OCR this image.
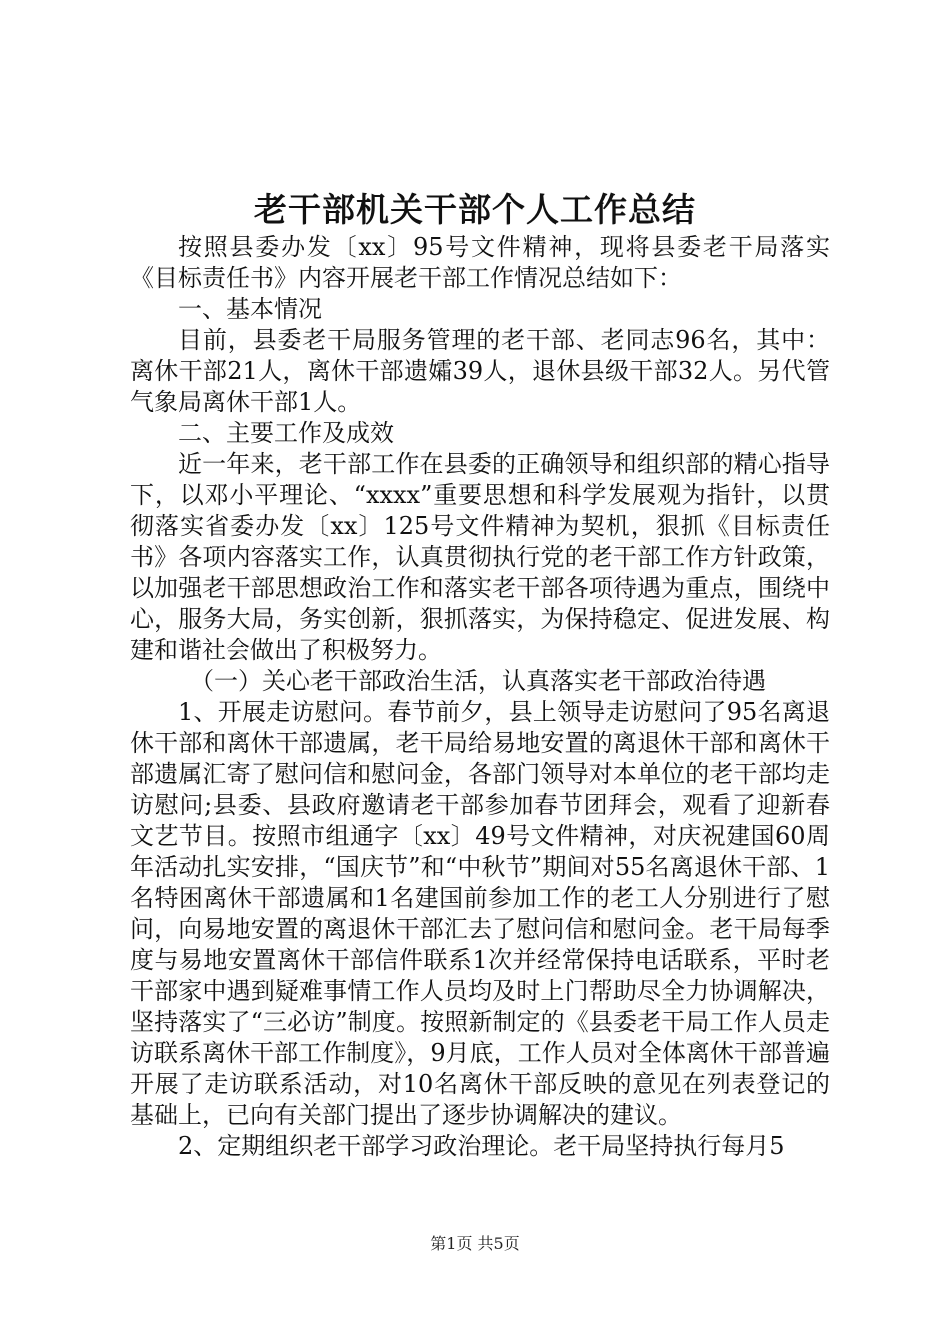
老干部机关干部个人工作总结

按照县委办发〔xx〕95号文件精神，现将县委老干局落实《目标责任书》内容开展老干部工作情况总结如下：

一、基本情况

目前，县委老干局服务管理的老干部、老同志96名，其中：离休干部21人，离休干部遗孀39人，退休县级干部32人。另代管气象局离休干部1人。

二、主要工作及成效

近一年来，老干部工作在县委的正确领导和组织部的精心指导下，以邓小平理论、“xxxx”重要思想和科学发展观为指针，以贯彻落实省委办发〔xx〕125号文件精神为契机，狠抓《目标责任书》各项内容落实工作，认真贯彻执行党的老干部工作方针政策，以加强老干部思想政治工作和落实老干部各项待遇为重点，围绕中心，服务大局，务实创新，狠抓落实，为保持稳定、促进发展、构建和谐社会做出了积极努力。

（一）关心老干部政治生活，认真落实老干部政治待遇

1、开展走访慰问。春节前夕，县上领导走访慰问了95名离退休干部和离休干部遗属，老干局给易地安置的离退休干部和离休干部遗属汇寄了慰问信和慰问金，各部门领导对本单位的老干部均走访慰问;县委、县政府邀请老干部参加春节团拜会，观看了迎新春文艺节目。按照市组通字〔xx〕49号文件精神，对庆祝建国60周年活动扎实安排，“国庆节”和“中秋节”期间对55名离退休干部、1名特困离休干部遗属和1名建国前参加工作的老工人分别进行了慰问，向易地安置的离退休干部汇去了慰问信和慰问金。老干局每季度与易地安置离休干部信件联系1次并经常保持电话联系，平时老干部家中遇到疑难事情工作人员均及时上门帮助尽全力协调解决，坚持落实了“三必访”制度。按照新制定的《县委老干局工作人员走访联系离休干部工作制度》，9月底，工作人员对全体离休干部普遍开展了走访联系活动，对10名离休干部反映的意见在列表登记的基础上，已向有关部门提出了逐步协调解决的建议。

2、定期组织老干部学习政治理论。老干局坚持执行每月5

第1页 共5页
